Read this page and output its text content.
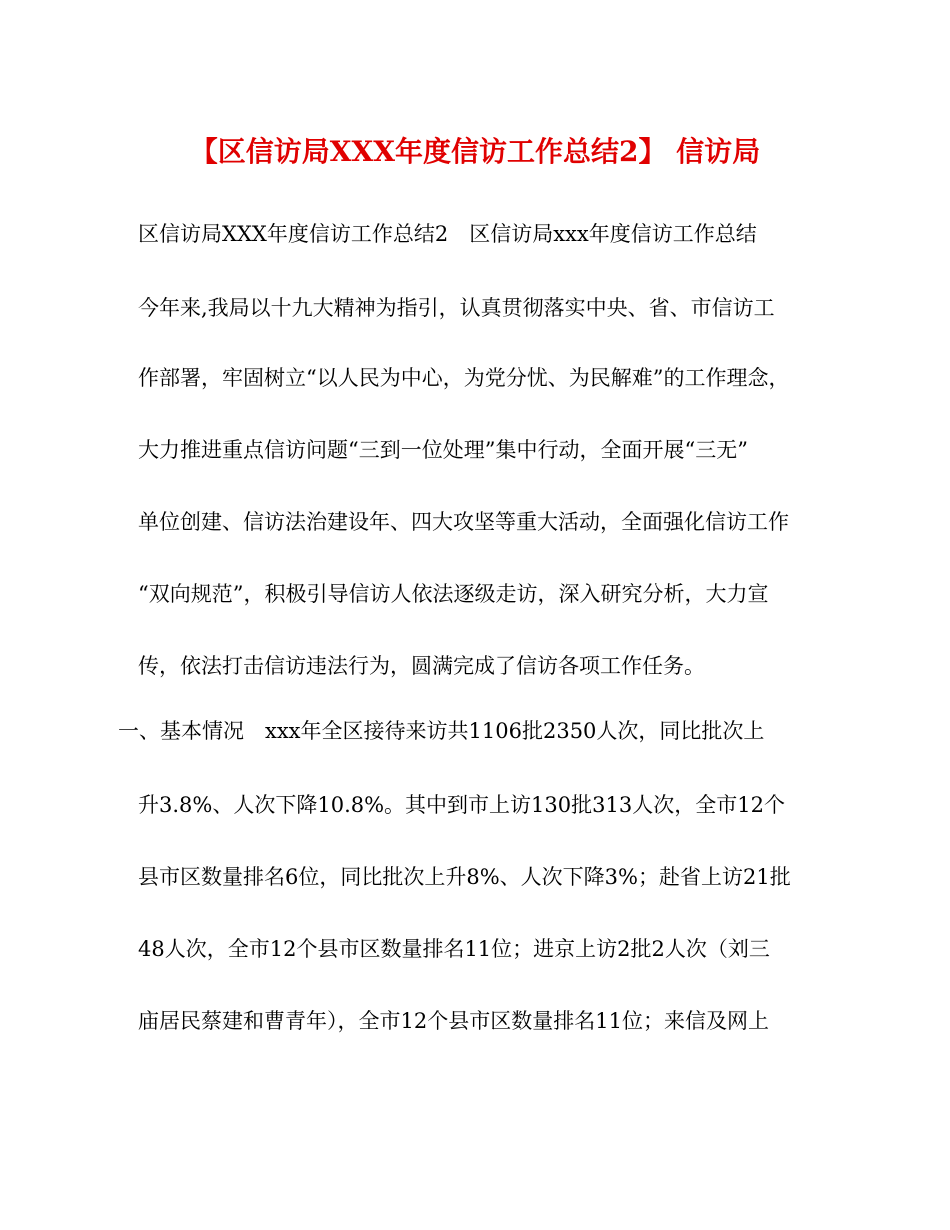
【区信访局XXX年度信访工作总结2】 信访局
区信访局XXX年度信访工作总结2　区信访局xxx年度信访工作总结
今年来,我局以十九大精神为指引，认真贯彻落实中央、省、市信访工
作部署，牢固树立“以人民为中心，为党分忧、为民解难”的工作理念，
大力推进重点信访问题“三到一位处理”集中行动，全面开展“三无”
单位创建、信访法治建设年、四大攻坚等重大活动，全面强化信访工作
“双向规范”，积极引导信访人依法逐级走访，深入研究分析，大力宣
传，依法打击信访违法行为，圆满完成了信访各项工作任务。
一、基本情况　xxx年全区接待来访共1106批2350人次，同比批次上
升3.8%、人次下降10.8%。其中到市上访130批313人次，全市12个
县市区数量排名6位，同比批次上升8%、人次下降3%；赴省上访21批
48人次，全市12个县市区数量排名11位；进京上访2批2人次（刘三
庙居民蔡建和曹青年），全市12个县市区数量排名11位；来信及网上
